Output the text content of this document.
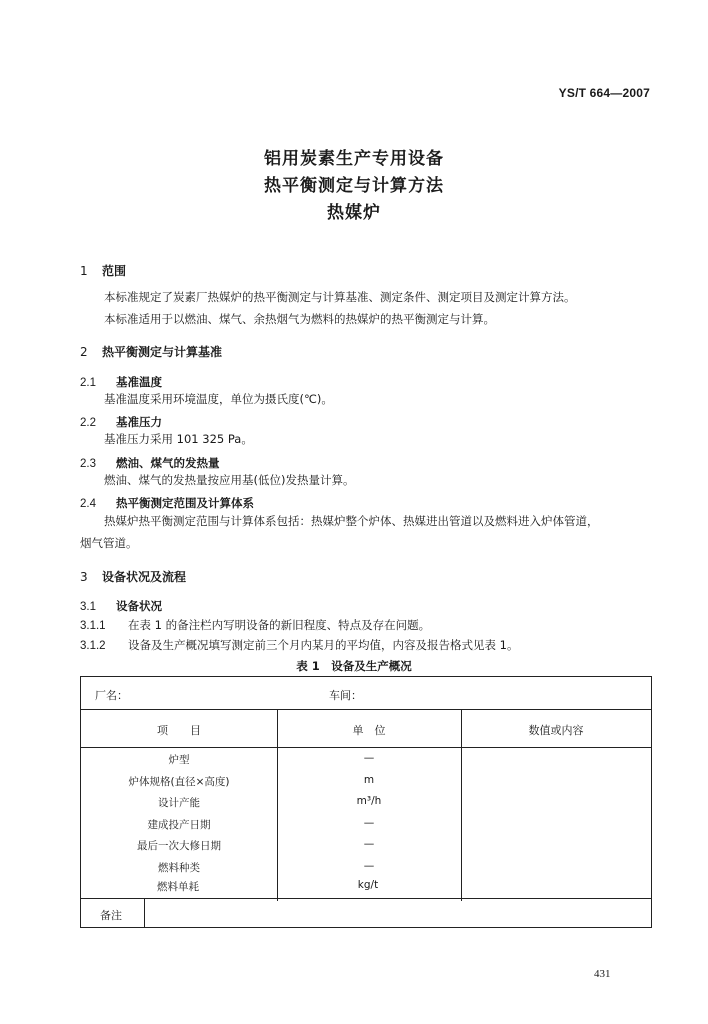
YS/T 664—2007
铝用炭素生产专用设备
热平衡测定与计算方法
热媒炉
1 范围
本标准规定了炭素厂热媒炉的热平衡测定与计算基准、测定条件、测定项目及测定计算方法。
本标准适用于以燃油、煤气、余热烟气为燃料的热媒炉的热平衡测定与计算。
2 热平衡测定与计算基准
2.1 基准温度
基准温度采用环境温度，单位为摄氏度(℃)。
2.2 基准压力
基准压力采用 101 325 Pa。
2.3 燃油、煤气的发热量
燃油、煤气的发热量按应用基(低位)发热量计算。
2.4 热平衡测定范围及计算体系
热媒炉热平衡测定范围与计算体系包括：热媒炉整个炉体、热媒进出管道以及燃料进入炉体管道，
烟气管道。
3 设备状况及流程
3.1 设备状况
3.1.1 在表 1 的备注栏内写明设备的新旧程度、特点及存在问题。
3.1.2 设备及生产概况填写测定前三个月内某月的平均值，内容及报告格式见表 1。
表 1　设备及生产概况
厂名：	车间：
项　　目	单　位	数值或内容
炉型	—
炉体规格(直径×高度)	m
设计产能	m³/h
建成投产日期	—
最后一次大修日期	—
燃料种类	—
燃料单耗	kg/t
备注
431
